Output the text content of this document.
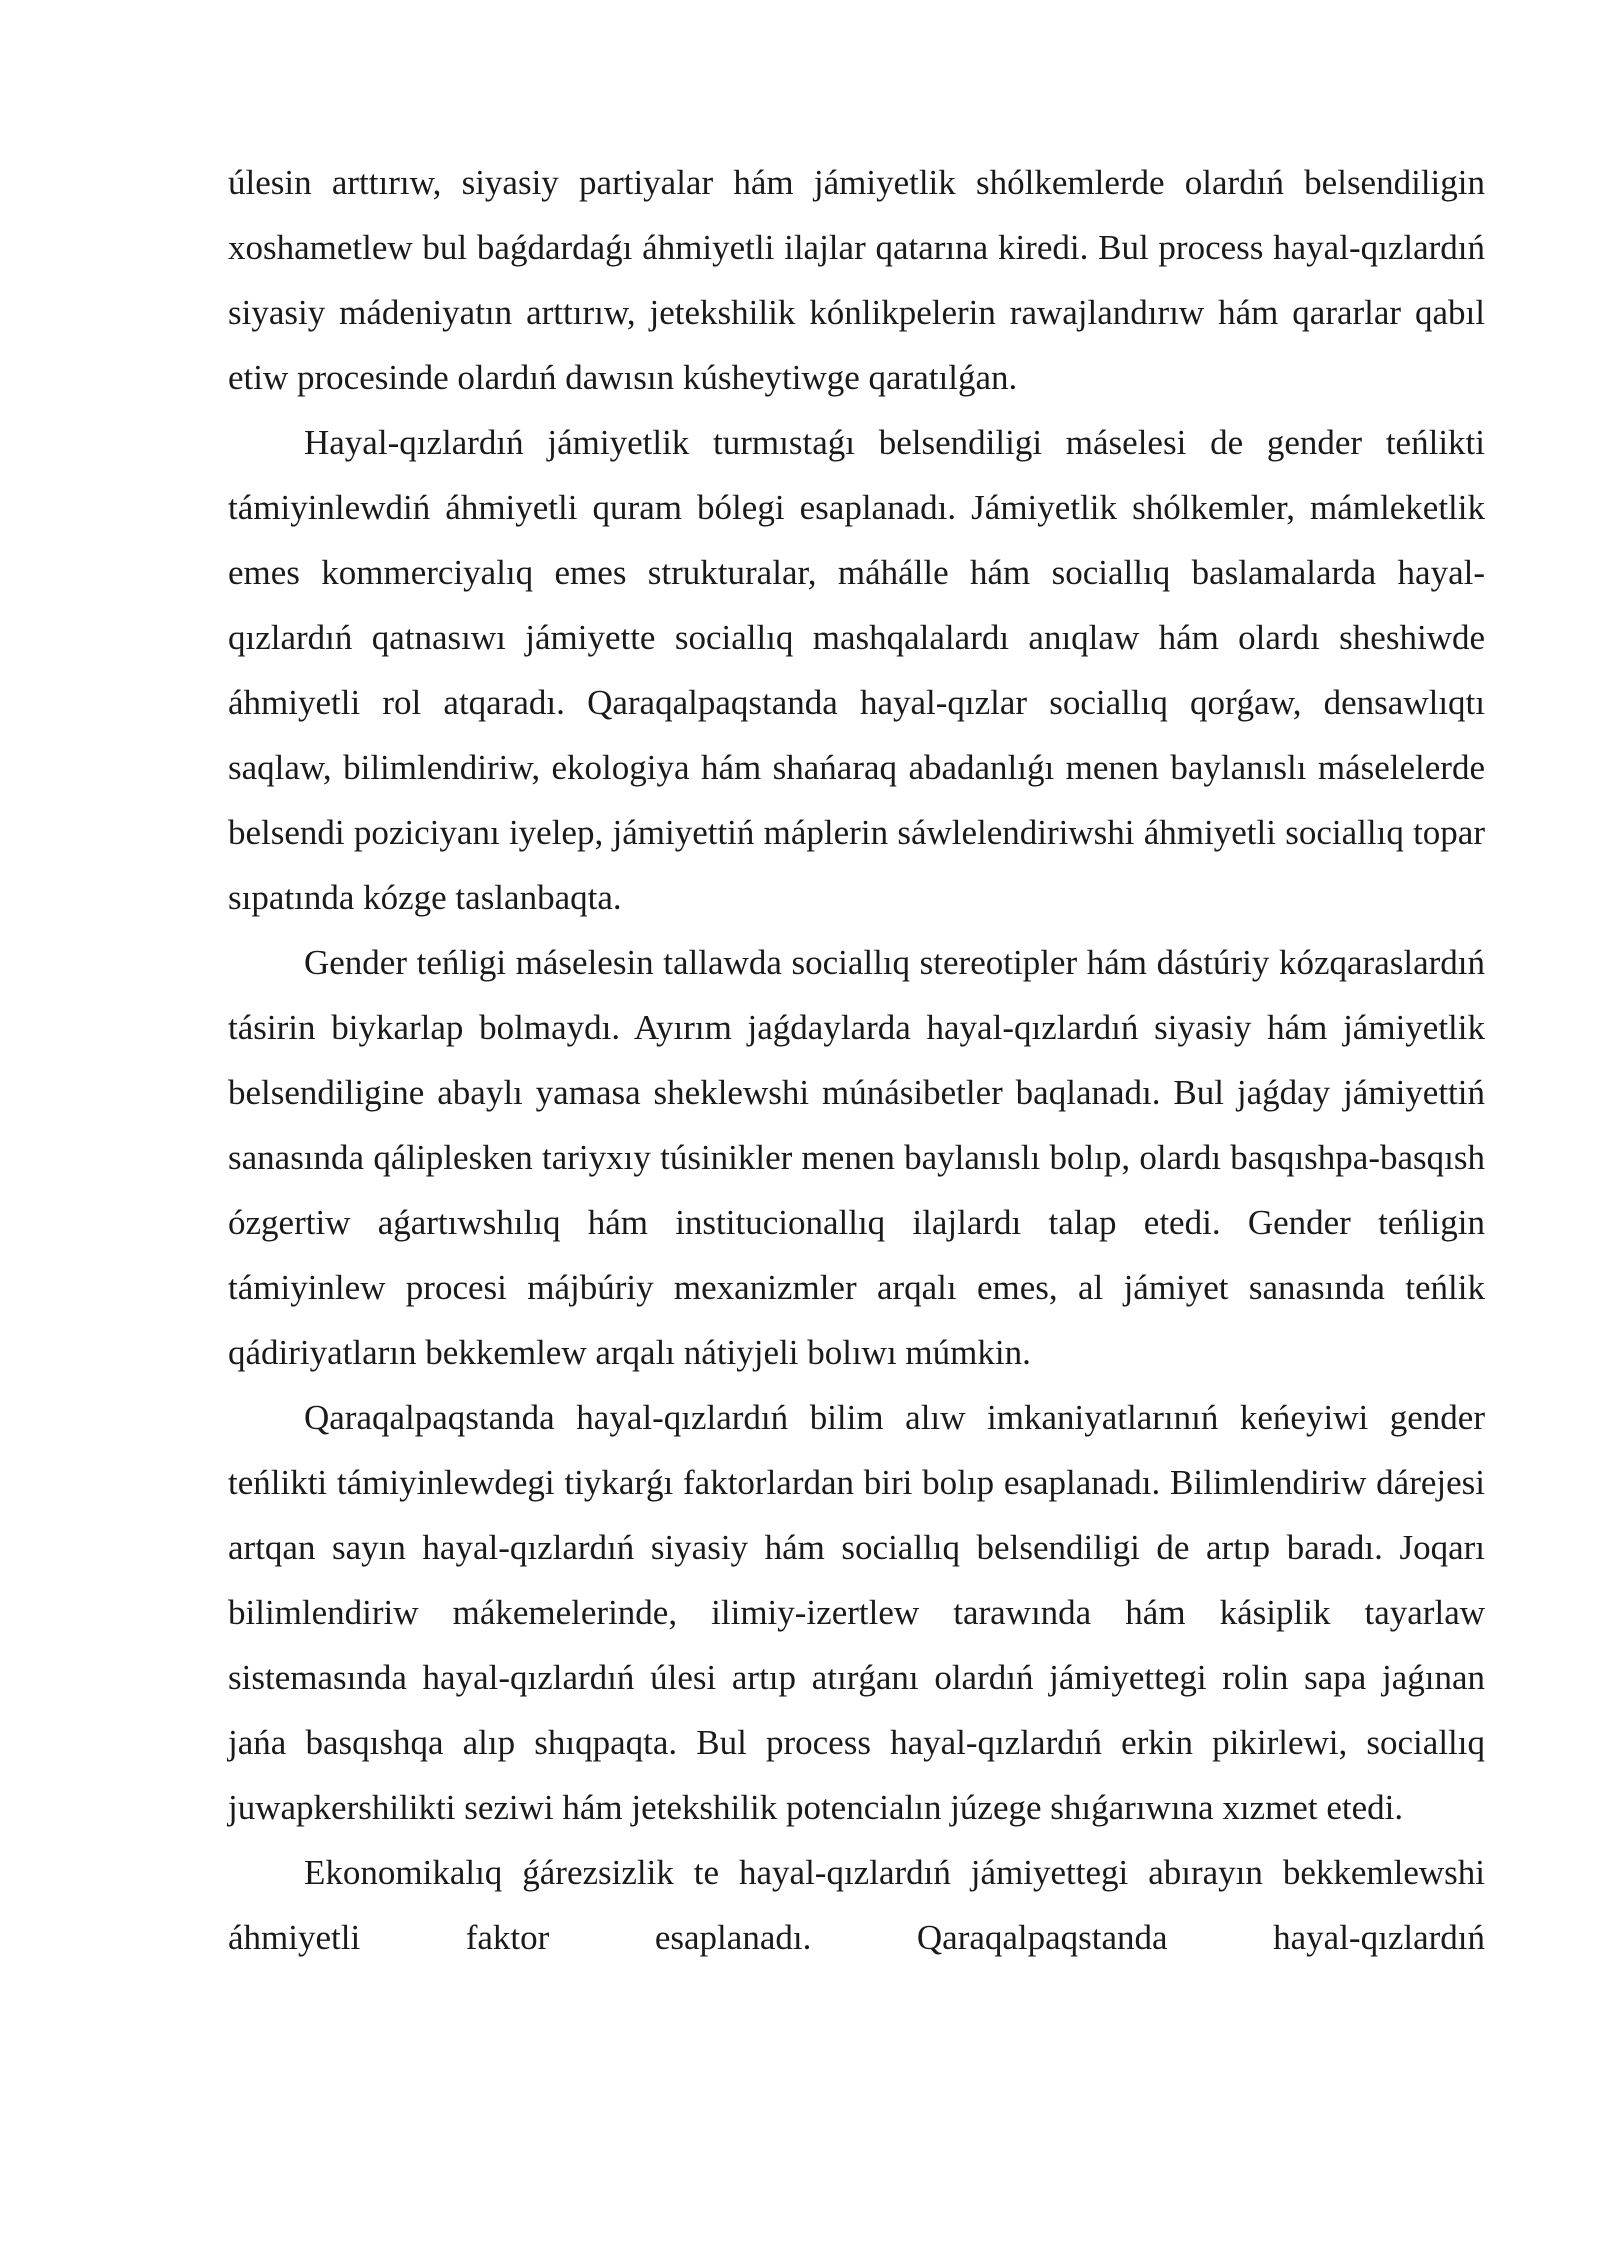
úlesin arttırıw, siyasiy partiyalar hám jámiyetlik shólkemlerde olardıń belsendiligin xoshametlew bul baǵdardaǵı áhmiyetli ilajlar qatarına kiredi. Bul process hayal-qızlardıń siyasiy mádeniyatın arttırıw, jetekshilik kónlikpelerin rawajlandırıw hám qararlar qabıl etiw procesinde olardıń dawısın kúsheytiwge qaratılǵan.

Hayal-qızlardıń jámiyetlik turmıstaǵı belsendiligi máselesi de gender teńlikti támiyinlewdiń áhmiyetli quram bólegi esaplanadı. Jámiyetlik shólkemler, mámleketlik emes kommerciyalıq emes strukturalar, máhálle hám sociallıq baslamalarda hayal-qızlardıń qatnasıwı jámiyette sociallıq mashqalalardı anıqlaw hám olardı sheshiwde áhmiyetli rol atqaradı. Qaraqalpaqstanda hayal-qızlar sociallıq qorǵaw, densawlıqtı saqlaw, bilimlendiriw, ekologiya hám shańaraq abadanlıǵı menen baylanıslı máselelerde belsendi poziciyanı iyelep, jámiyettiń máplerin sáwlelendiriwshi áhmiyetli sociallıq topar sıpatında kózge taslanbaqta.

Gender teńligi máselesin tallawda sociallıq stereotipler hám dástúriy kózqaraslardıń tásirin biykarlap bolmaydı. Ayırım jaǵdaylarda hayal-qızlardıń siyasiy hám jámiyetlik belsendiligine abaylı yamasa sheklewshi múnásibetler baqlanadı. Bul jaǵday jámiyettiń sanasında qáliplesken tariyxıy túsinikler menen baylanıslı bolıp, olardı basqıshpa-basqısh ózgertiw aǵartıwshılıq hám institucionallıq ilajlardı talap etedi. Gender teńligin támiyinlew procesi májbúriy mexanizmler arqalı emes, al jámiyet sanasında teńlik qádiriyatların bekkemlew arqalı nátiyjeli bolıwı múmkin.

Qaraqalpaqstanda hayal-qızlardıń bilim alıw imkaniyatlarınıń keńeyiwi gender teńlikti támiyinlewdegi tiykarǵı faktorlardan biri bolıp esaplanadı. Bilimlendiriw dárejesi artqan sayın hayal-qızlardıń siyasiy hám sociallıq belsendiligi de artıp baradı. Joqarı bilimlendiriw mákemelerinde, ilimiy-izertlew tarawında hám kásiplik tayarlaw sistemasında hayal-qızlardıń úlesi artıp atırǵanı olardıń jámiyettegi rolin sapa jaǵınan jańa basqıshqa alıp shıqpaqta. Bul process hayal-qızlardıń erkin pikirlewi, sociallıq juwapkershilikti seziwi hám jetekshilik potencialın júzege shıǵarıwına xızmet etedi.

Ekonomikalıq ǵárezsizlik te hayal-qızlardıń jámiyettegi abırayın bekkemlewshi áhmiyetli faktor esaplanadı. Qaraqalpaqstanda hayal-qızlardıń
